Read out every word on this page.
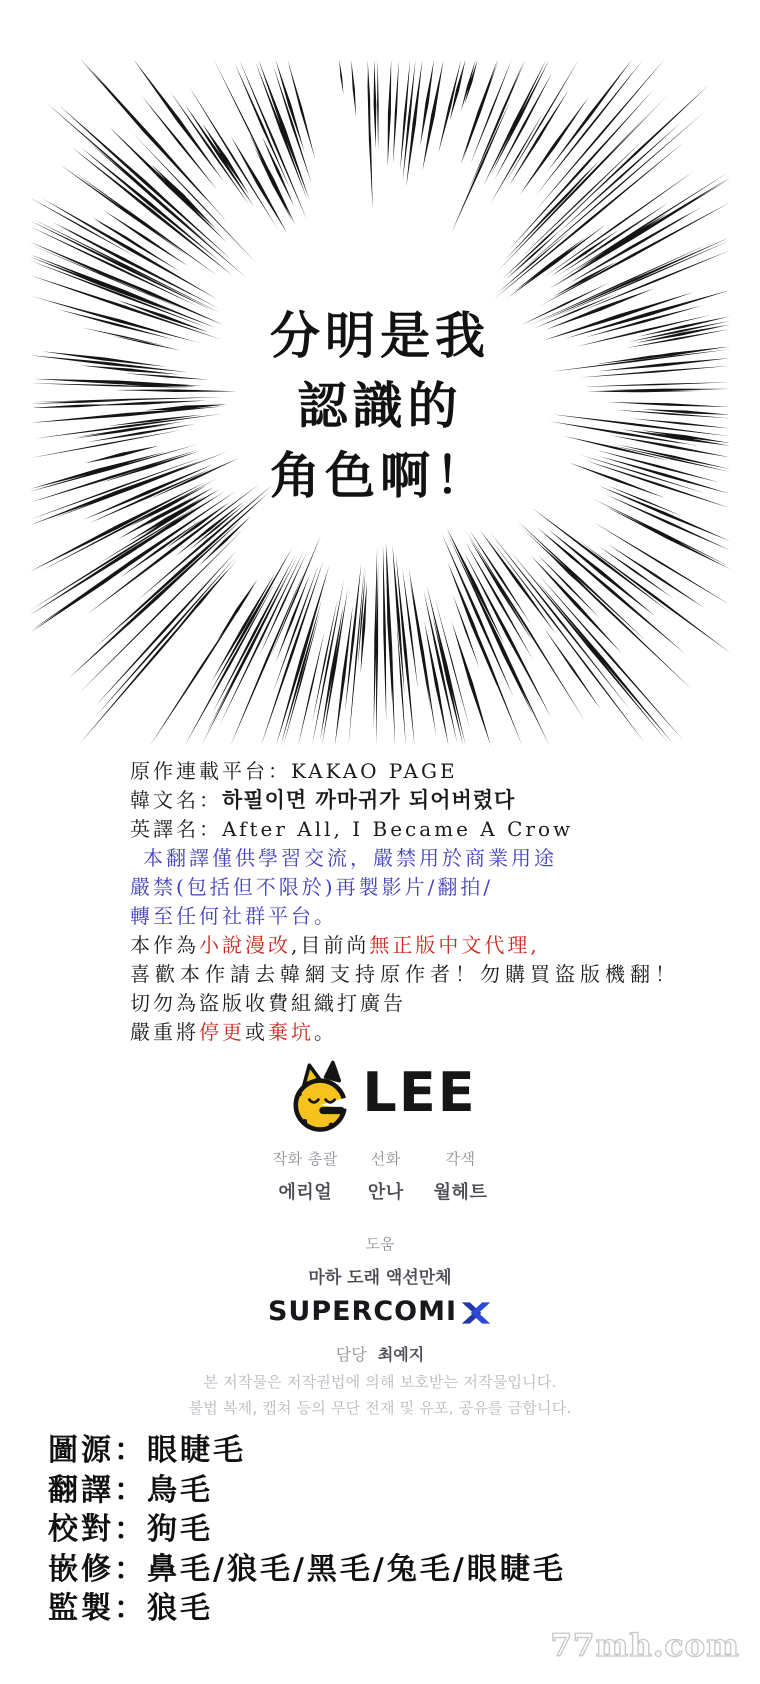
分明是我
認識的
角色啊！
原作連載平台：KAKAO PAGE
韓文名：하필이면 까마귀가 되어버렸다
英譯名：After All, I Became A Crow
本翻譯僅供學習交流，嚴禁用於商業用途
嚴禁(包括但不限於)再製影片/翻拍/
轉至任何社群平台。
本作為小說漫改,目前尚無正版中文代理,
喜歡本作請去韓網支持原作者！勿購買盜版機翻！
切勿為盜版收費組織打廣告
嚴重將停更或棄坑。
LEE
작화 총괄
에리얼
선화
안나
각색
월헤트
도움
마하 도래 액션만체
SUPERCOMI
담당 최예지
본 저작물은 저작권법에 의해 보호받는 저작물입니다.
불법 복제, 캡쳐 등의 무단 전재 및 유포, 공유를 금합니다.
圖源：眼睫毛
翻譯：鳥毛
校對：狗毛
嵌修：鼻毛/狼毛/黑毛/兔毛/眼睫毛
監製：狼毛
77mh.com
